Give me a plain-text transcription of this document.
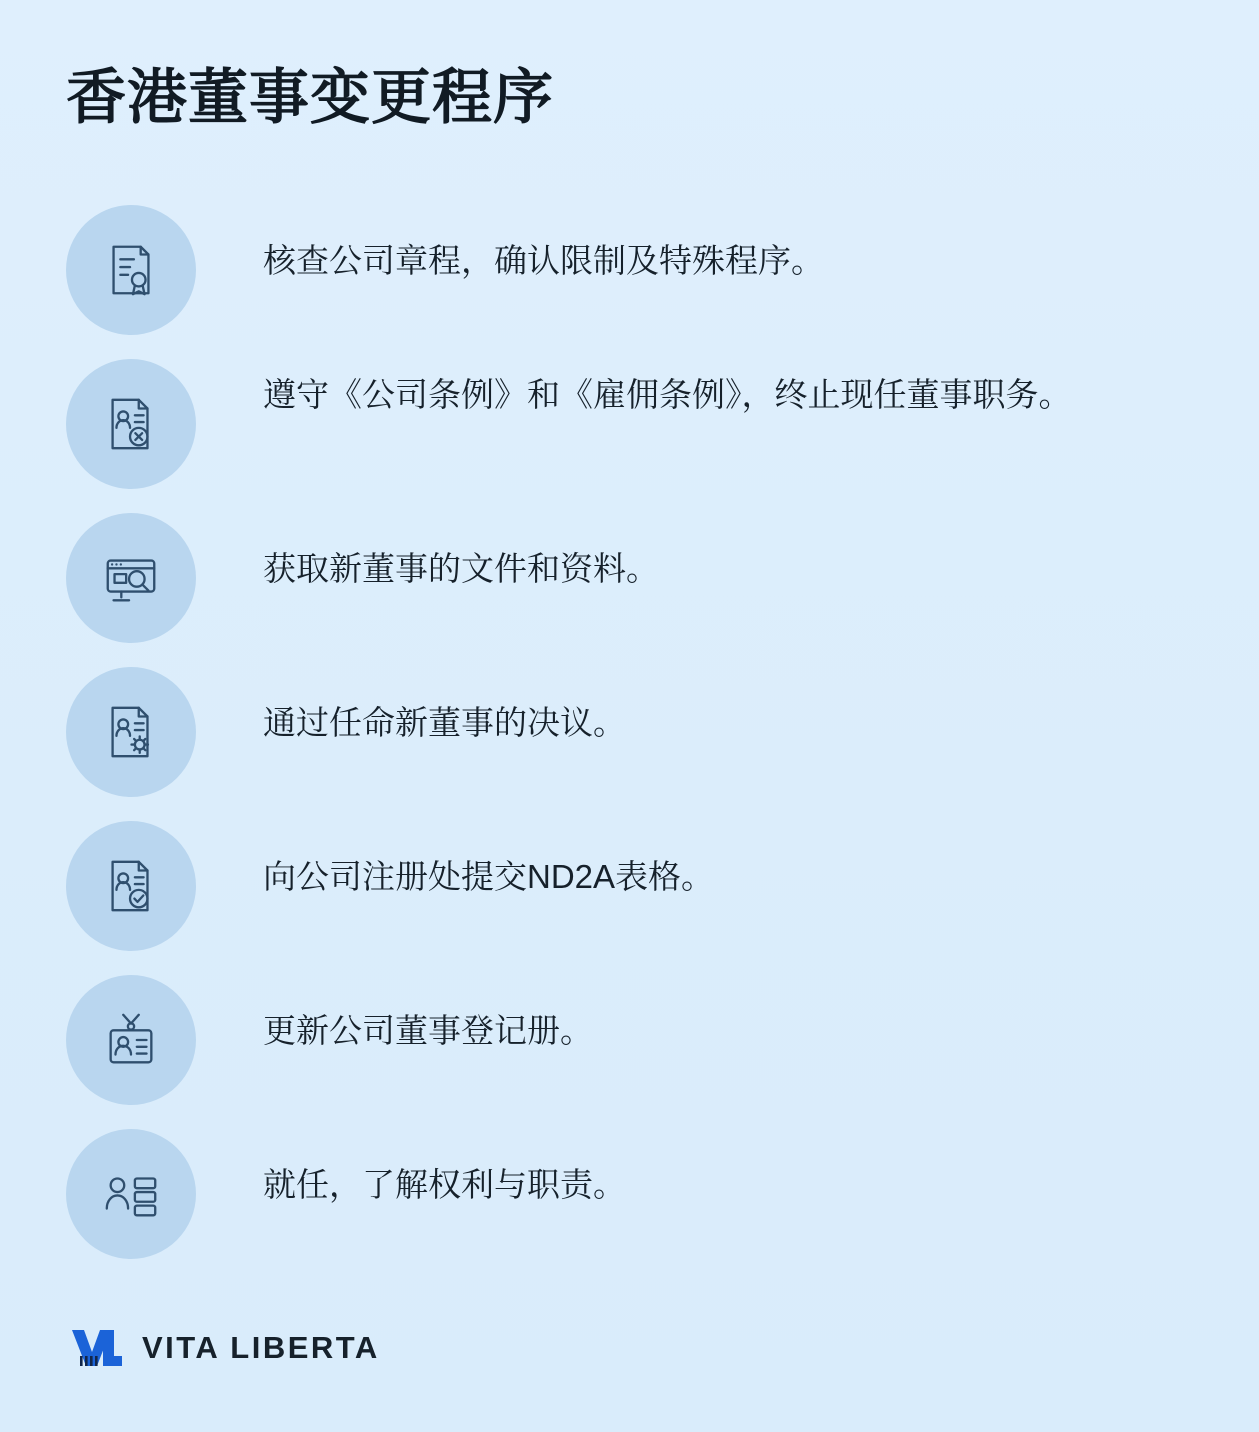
香港董事变更程序
核查公司章程，确认限制及特殊程序。
遵守《公司条例》和《雇佣条例》，终止现任董事职务。
获取新董事的文件和资料。
通过任命新董事的决议。
向公司注册处提交ND2A表格。
更新公司董事登记册。
就任，了解权利与职责。
VITA LIBERTA
